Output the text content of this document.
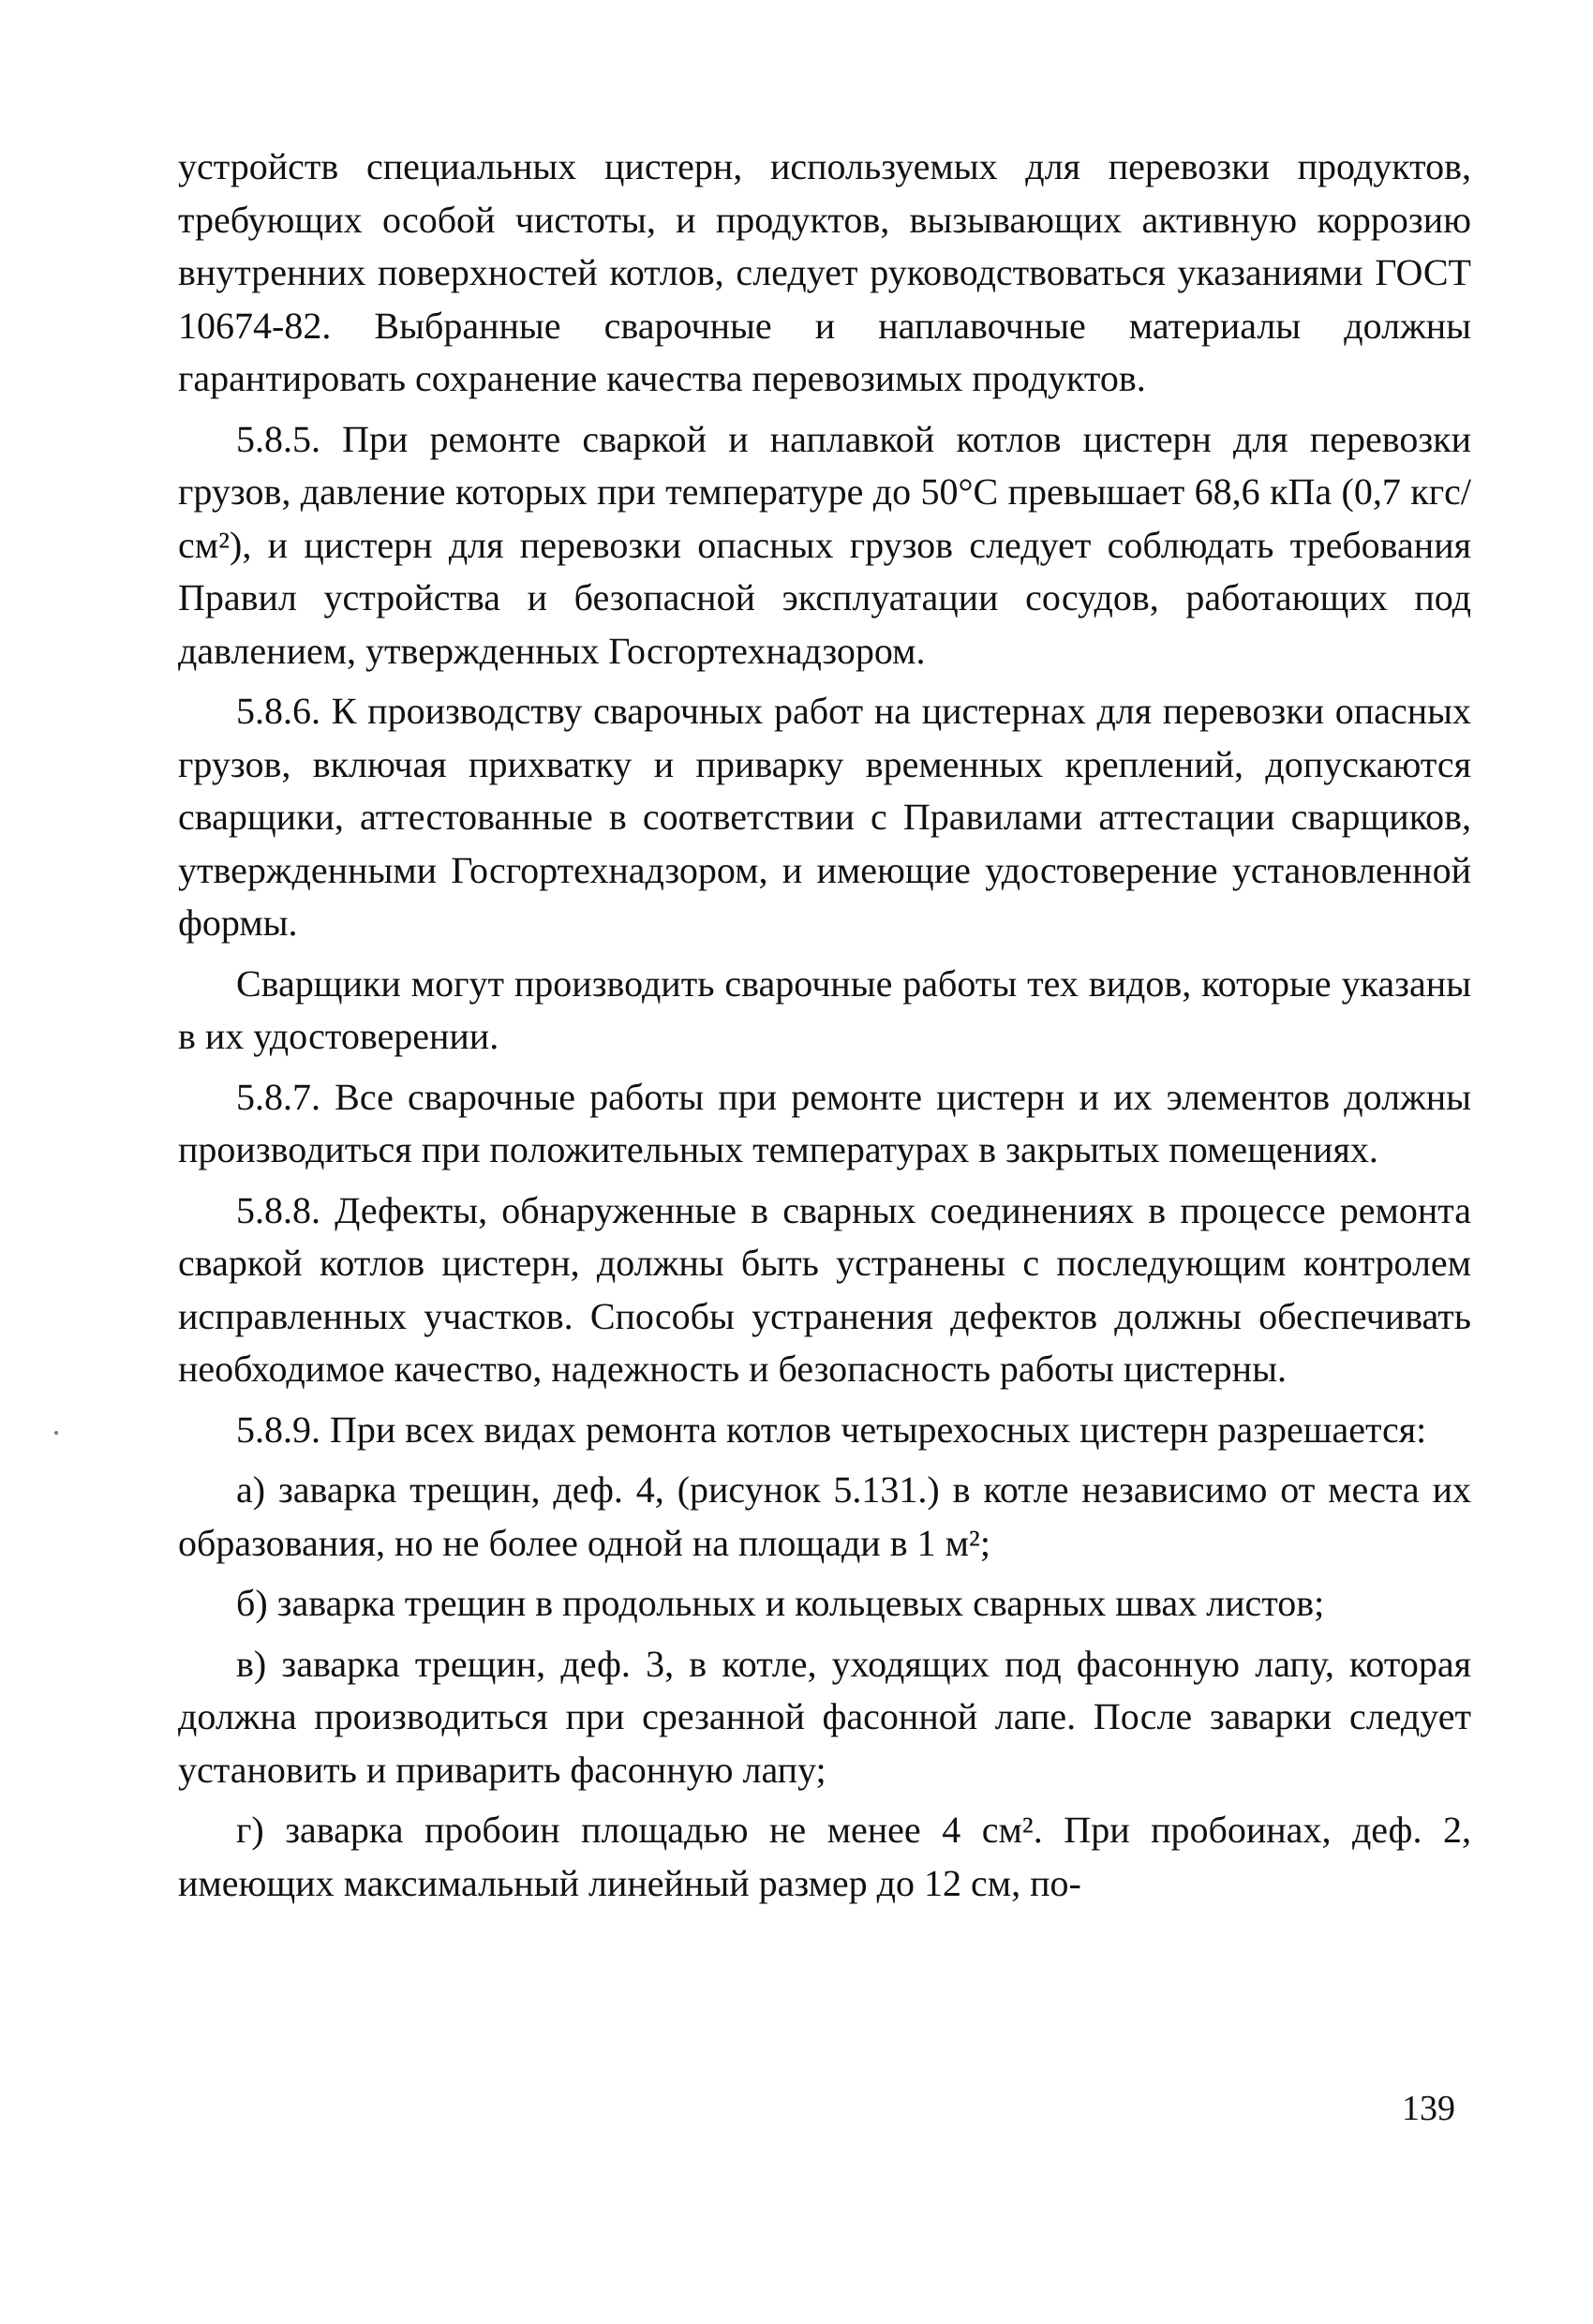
устройств специальных цистерн, используемых для перевозки продуктов, требующих особой чистоты, и продуктов, вызывающих активную коррозию внутренних поверхностей котлов, следует руководствоваться указаниями ГОСТ 10674-82. Выбранные сварочные и наплавочные материалы должны гарантировать сохранение качества перевозимых продуктов.

5.8.5. При ремонте сваркой и наплавкой котлов цистерн для перевозки грузов, давление которых при температуре до 50°С превышает 68,6 кПа (0,7 кгс/см²), и цистерн для перевозки опасных грузов следует соблюдать требования Правил устройства и безопасной эксплуатации сосудов, работающих под давлением, утвержденных Госгортехнадзором.

5.8.6. К производству сварочных работ на цистернах для перевозки опасных грузов, включая прихватку и приварку временных креплений, допускаются сварщики, аттестованные в соответствии с Правилами аттестации сварщиков, утвержденными Госгортехнадзором, и имеющие удостоверение установленной формы.

Сварщики могут производить сварочные работы тех видов, которые указаны в их удостоверении.

5.8.7. Все сварочные работы при ремонте цистерн и их элементов должны производиться при положительных температурах в закрытых помещениях.

5.8.8. Дефекты, обнаруженные в сварных соединениях в процессе ремонта сваркой котлов цистерн, должны быть устранены с последующим контролем исправленных участков. Способы устранения дефектов должны обеспечивать необходимое качество, надежность и безопасность работы цистерны.

5.8.9. При всех видах ремонта котлов четырехосных цистерн разрешается:

а) заварка трещин, деф. 4, (рисунок 5.131.) в котле независимо от места их образования, но не более одной на площади в 1 м²;

б) заварка трещин в продольных и кольцевых сварных швах листов;

в) заварка трещин, деф. 3, в котле, уходящих под фасонную лапу, которая должна производиться при срезанной фасонной лапе. После заварки следует установить и приварить фасонную лапу;

г) заварка пробоин площадью не менее 4 см². При пробоинах, деф. 2, имеющих максимальный линейный размер до 12 см, по-

139
